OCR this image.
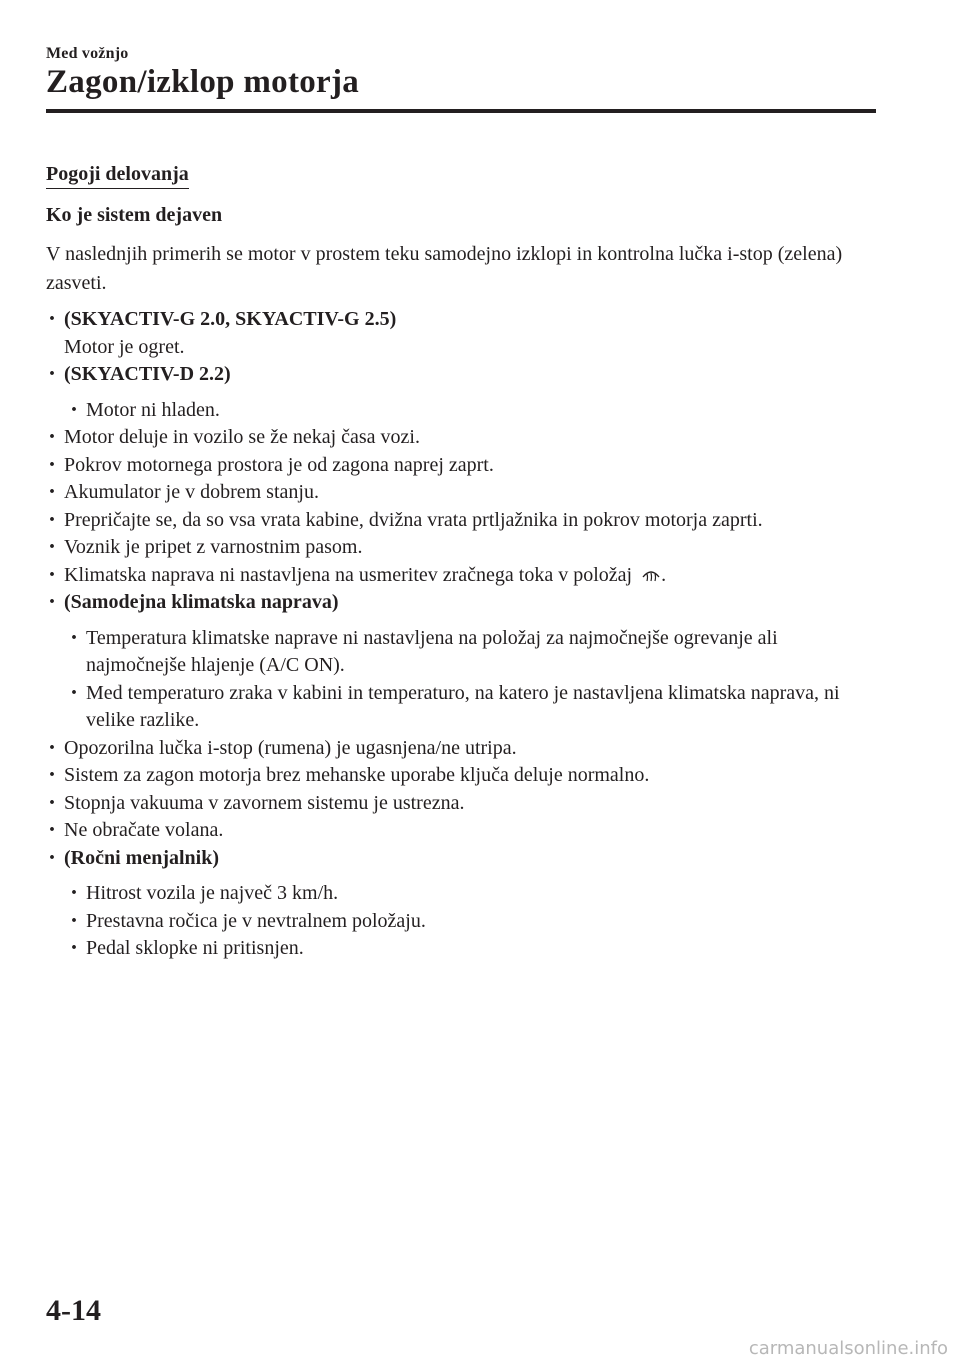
Med vožnjo
Zagon/izklop motorja
Pogoji delovanja
Ko je sistem dejaven

V naslednjih primerih se motor v prostem teku samodejno izklopi in kontrolna lučka i-stop (zelena) zasveti.

· (SKYACTIV-G 2.0, SKYACTIV-G 2.5)
Motor je ogret.
· (SKYACTIV-D 2.2)
· Motor ni hladen.
· Motor deluje in vozilo se že nekaj časa vozi.
· Pokrov motornega prostora je od zagona naprej zaprt.
· Akumulator je v dobrem stanju.
· Prepričajte se, da so vsa vrata kabine, dvižna vrata prtljažnika in pokrov motorja zaprti.
· Voznik je pripet z varnostnim pasom.
· Klimatska naprava ni nastavljena na usmeritev zračnega toka v položaj .
· (Samodejna klimatska naprava)
· Temperatura klimatske naprave ni nastavljena na položaj za najmočnejše ogrevanje ali najmočnejše hlajenje (A/C ON).
· Med temperaturo zraka v kabini in temperaturo, na katero je nastavljena klimatska naprava, ni velike razlike.
· Opozorilna lučka i-stop (rumena) je ugasnjena/ne utripa.
· Sistem za zagon motorja brez mehanske uporabe ključa deluje normalno.
· Stopnja vakuuma v zavornem sistemu je ustrezna.
· Ne obračate volana.
· (Ročni menjalnik)
· Hitrost vozila je največ 3 km/h.
· Prestavna ročica je v nevtralnem položaju.
· Pedal sklopke ni pritisnjen.
4-14
carmanualsonline.info
